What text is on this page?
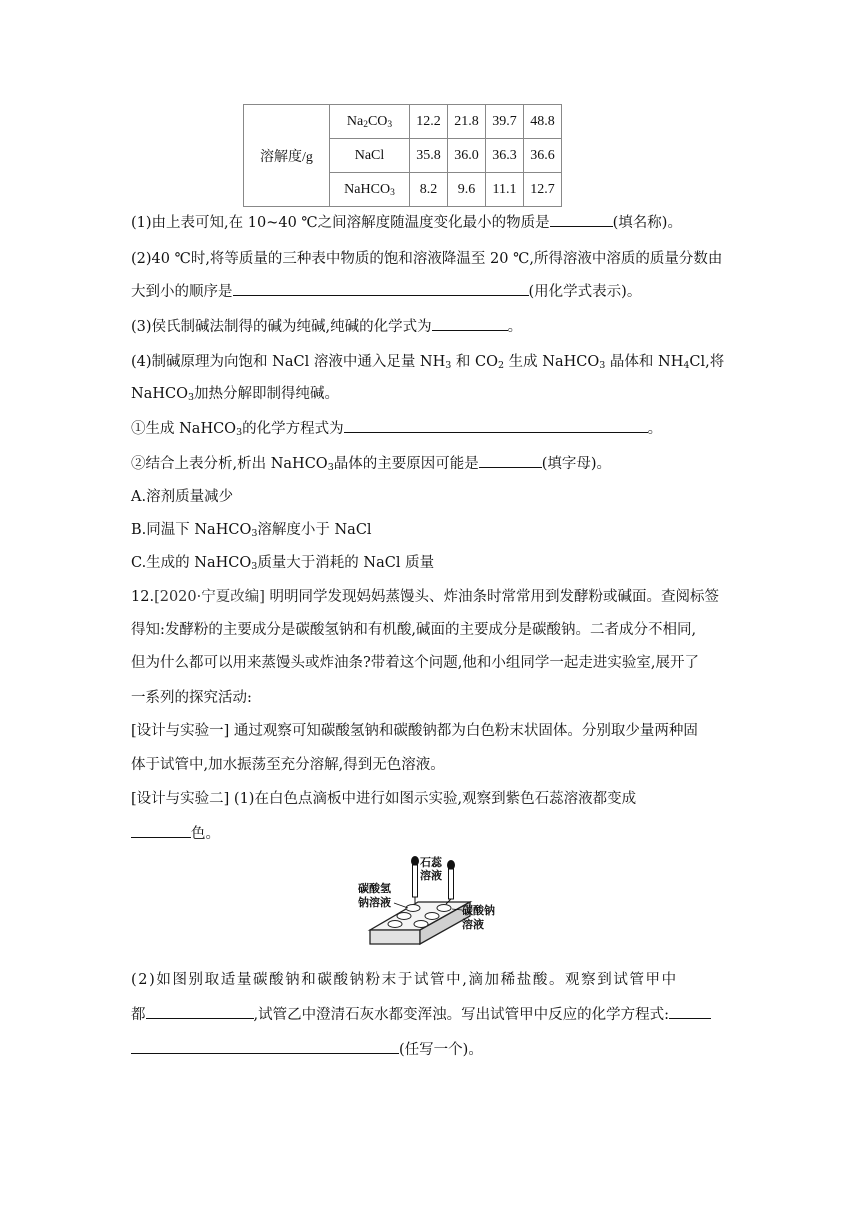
溶解度/g	$Na_2CO_3$	12.2	21.8	39.7	48.8
	NaCl	35.8	36.0	36.3	36.6
	NaHCO$_3$	8.2	9.6	11.1	12.7
(1)由上表可知,在 10~40 ℃之间溶解度随温度变化最小的物质是	(填名称)。
(2)40 ℃时,将等质量的三种表中物质的饱和溶液降温至 20 ℃,所得溶液中溶质的质量分数由
大到小的顺序是	(用化学式表示)。
(3)侯氏制碱法制得的碱为纯碱,纯碱的化学式为	。
(4)制碱原理为向饱和 NaCl 溶液中通入足量 $NH_3$ 和 $CO_2$ 生成 NaHCO$_3$ 晶体和 $NH_4Cl$,将
NaHCO$_3$加热分解即制得纯碱。
①生成 NaHCO$_3$的化学方程式为	。
②结合上表分析,析出 NaHCO$_3$晶体的主要原因可能是	(填字母)。
A.溶剂质量减少
B.同温下 NaHCO$_3$溶解度小于 NaCl
C.生成的 NaHCO$_3$质量大于消耗的 NaCl 质量
12.[2020·宁夏改编] 明明同学发现妈妈蒸馒头、炸油条时常常用到发酵粉或碱面。查阅标签
得知:发酵粉的主要成分是碳酸氢钠和有机酸,碱面的主要成分是碳酸钠。二者成分不相同,
但为什么都可以用来蒸馒头或炸油条?带着这个问题,他和小组同学一起走进实验室,展开了
一系列的探究活动:
[设计与实验一] 通过观察可知碳酸氢钠和碳酸钠都为白色粉末状固体。分别取少量两种固
体于试管中,加水振荡至充分溶解,得到无色溶液。
[设计与实验二] (1)在白色点滴板中进行如图示实验,观察到紫色石蕊溶液都变成
色。
石蕊
溶液
碳酸氢
钠溶液
碳酸钠
溶液
(2)如图别取适量碳酸钠和碳酸钠粉末于试管中,滴加稀盐酸。观察到试管甲中
都	,试管乙中澄清石灰水都变浑浊。写出试管甲中反应的化学方程式:
(任写一个)。
